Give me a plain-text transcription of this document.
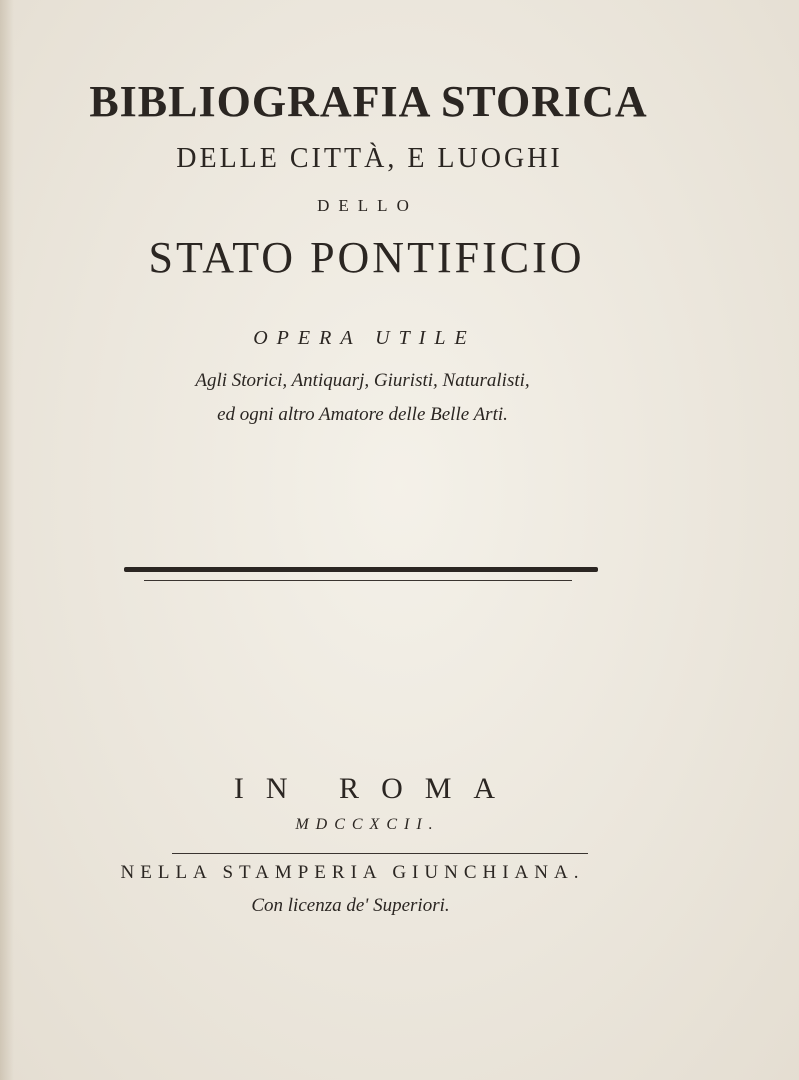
BIBLIOGRAFIA STORICA
DELLE CITTÀ, E LUOGHI
DELLO
STATO PONTIFICIO
OPERA UTILE
Agli Storici, Antiquarj, Giuristi, Naturalisti,
ed ogni altro Amatore delle Belle Arti.
IN ROMA
MDCCXCII.
NELLA STAMPERIA GIUNCHIANA.
Con licenza de' Superiori.
